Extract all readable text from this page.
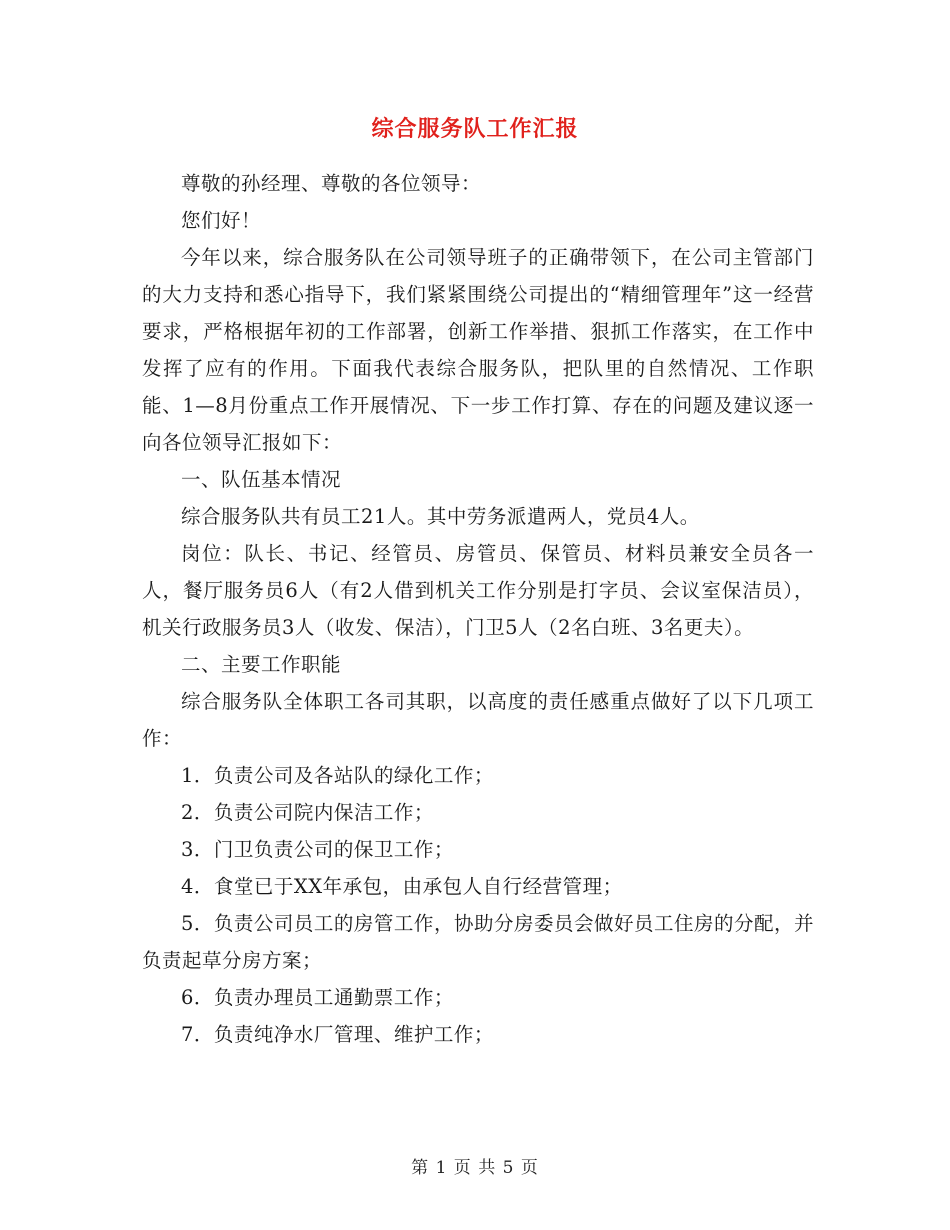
综合服务队工作汇报

尊敬的孙经理、尊敬的各位领导：

您们好！

今年以来，综合服务队在公司领导班子的正确带领下，在公司主管部门的大力支持和悉心指导下，我们紧紧围绕公司提出的“精细管理年”这一经营要求，严格根据年初的工作部署，创新工作举措、狠抓工作落实，在工作中发挥了应有的作用。下面我代表综合服务队，把队里的自然情况、工作职能、1—8月份重点工作开展情况、下一步工作打算、存在的问题及建议逐一向各位领导汇报如下：

一、队伍基本情况

综合服务队共有员工21人。其中劳务派遣两人，党员4人。

岗位：队长、书记、经管员、房管员、保管员、材料员兼安全员各一人，餐厅服务员6人（有2人借到机关工作分别是打字员、会议室保洁员），机关行政服务员3人（收发、保洁），门卫5人（2名白班、3名更夫）。

二、主要工作职能

综合服务队全体职工各司其职，以高度的责任感重点做好了以下几项工作：

1．负责公司及各站队的绿化工作；

2．负责公司院内保洁工作；

3．门卫负责公司的保卫工作；

4．食堂已于XX年承包，由承包人自行经营管理；

5．负责公司员工的房管工作，协助分房委员会做好员工住房的分配，并负责起草分房方案；

6．负责办理员工通勤票工作；

7．负责纯净水厂管理、维护工作；

第 1 页 共 5 页
